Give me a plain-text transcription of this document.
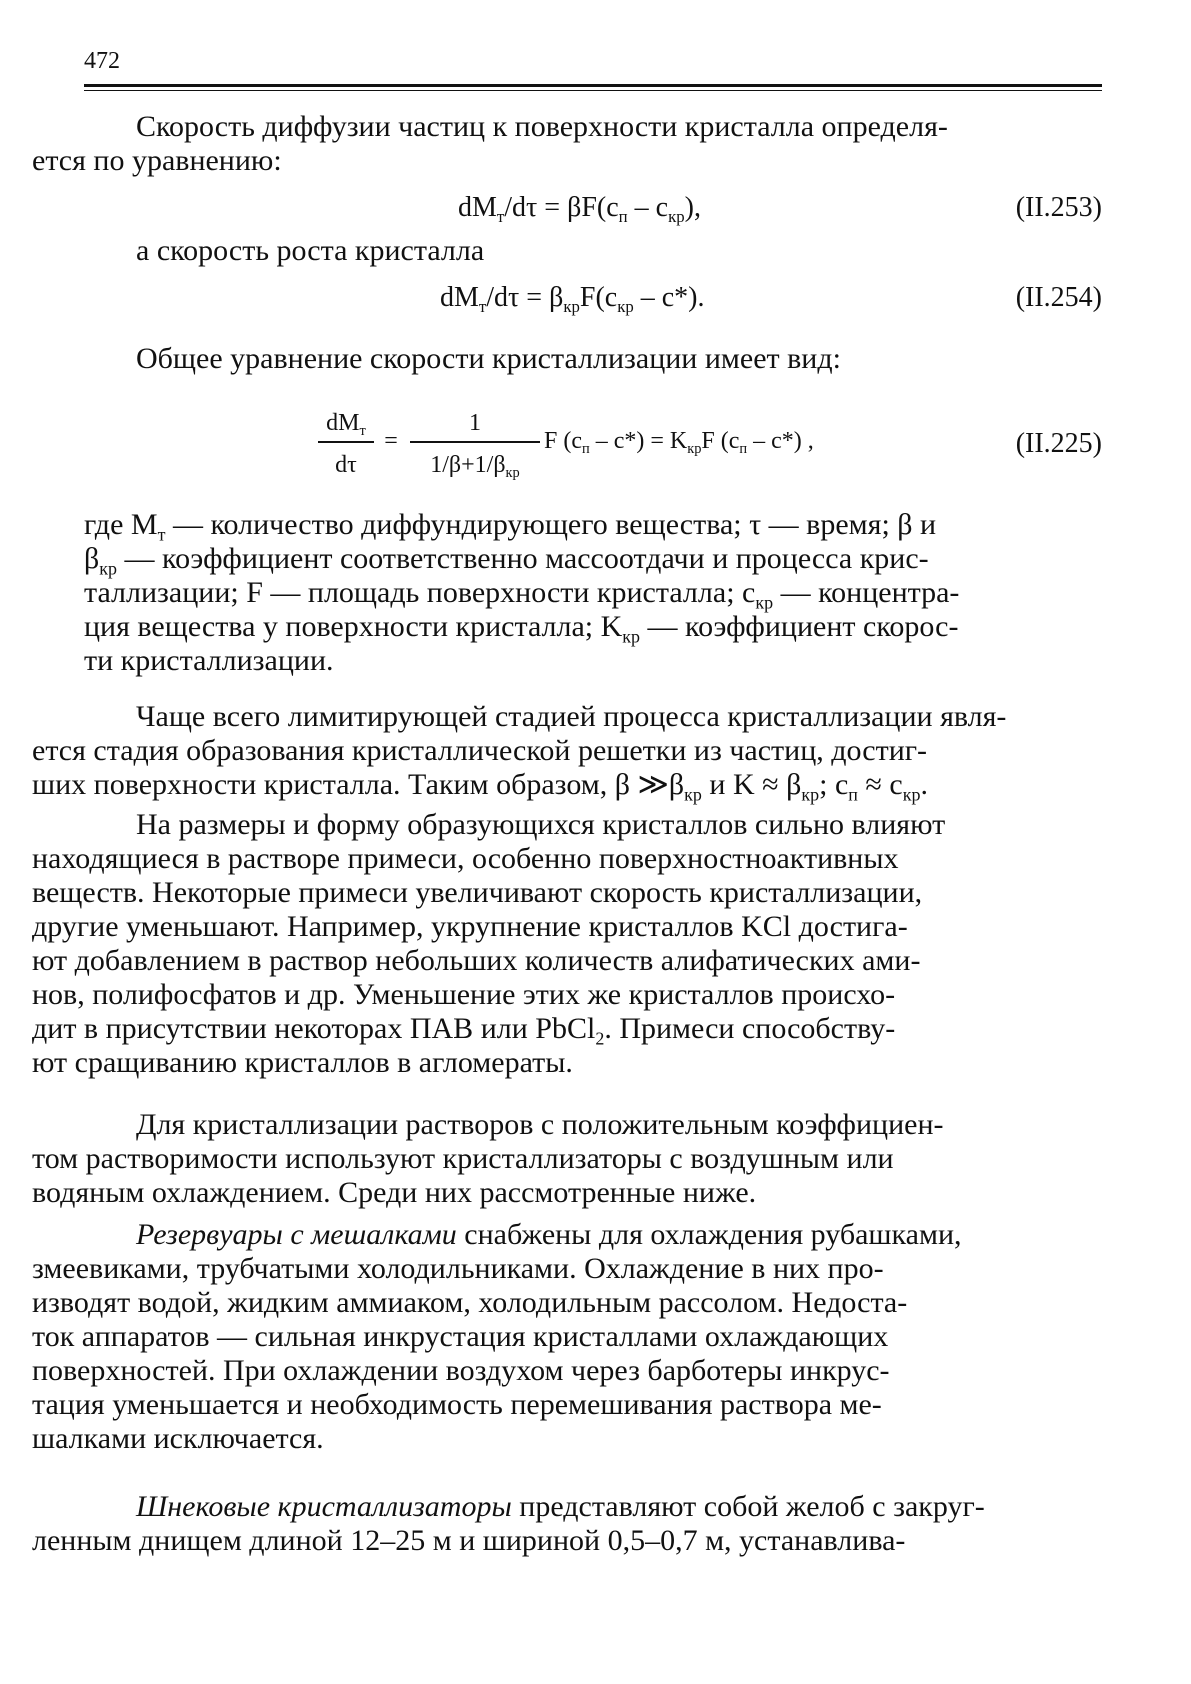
472
Скорость диффузии частиц к поверхности кристалла определя-
ется по уравнению:
$dM_т/d\tau = \beta F(c_п - c_{кр})$,	(II.253)
а скорость роста кристалла
$dM_т/d\tau = \beta_{кр}F(c_{кр} - c*)$.	(II.254)
Общее уравнение скорости кристаллизации имеет вид:
$dM_т$
dτ
=
1
$1/\beta+1/\beta_{кр}$
F $(c_п - c*) = K_{кр}F$ $(c_п - c*)$ ,	(II.225)
где $M_т$ — количество диффундирующего вещества; τ — время; β и
$\beta_{кр}$ — коэффициент соответственно массоотдачи и процесса крис-
таллизации; F — площадь поверхности кристалла; $c_{кр}$ — концентра-
ция вещества у поверхности кристалла; $K_{кр}$ — коэффициент скорос-
ти кристаллизации.
Чаще всего лимитирующей стадией процесса кристаллизации явля-
ется стадия образования кристаллической решетки из частиц, достиг-
ших поверхности кристалла. Таким образом, β $≫\beta_{кр}$ и $K \approx \beta_{кр}$; $c_п \approx c_{кр}$.
На размеры и форму образующихся кристаллов сильно влияют
находящиеся в растворе примеси, особенно поверхностноактивных
веществ. Некоторые примеси увеличивают скорость кристаллизации,
другие уменьшают. Например, укрупнение кристаллов KCl достига-
ют добавлением в раствор небольших количеств алифатических ами-
нов, полифосфатов и др. Уменьшение этих же кристаллов происхо-
дит в присутствии некоторах ПАВ или PbCl$_2$. Примеси способству-
ют сращиванию кристаллов в агломераты.
Для кристаллизации растворов с положительным коэффициен-
том растворимости используют кристаллизаторы с воздушным или
водяным охлаждением. Среди них рассмотренные ниже.
Резервуары с мешалками снабжены для охлаждения рубашками,
змеевиками, трубчатыми холодильниками. Охлаждение в них про-
изводят водой, жидким аммиаком, холодильным рассолом. Недоста-
ток аппаратов — сильная инкрустация кристаллами охлаждающих
поверхностей. При охлаждении воздухом через барботеры инкрус-
тация уменьшается и необходимость перемешивания раствора ме-
шалками исключается.
Шнековые кристаллизаторы представляют собой желоб с закруг-
ленным днищем длиной 12–25 м и шириной 0,5–0,7 м, устанавлива-
